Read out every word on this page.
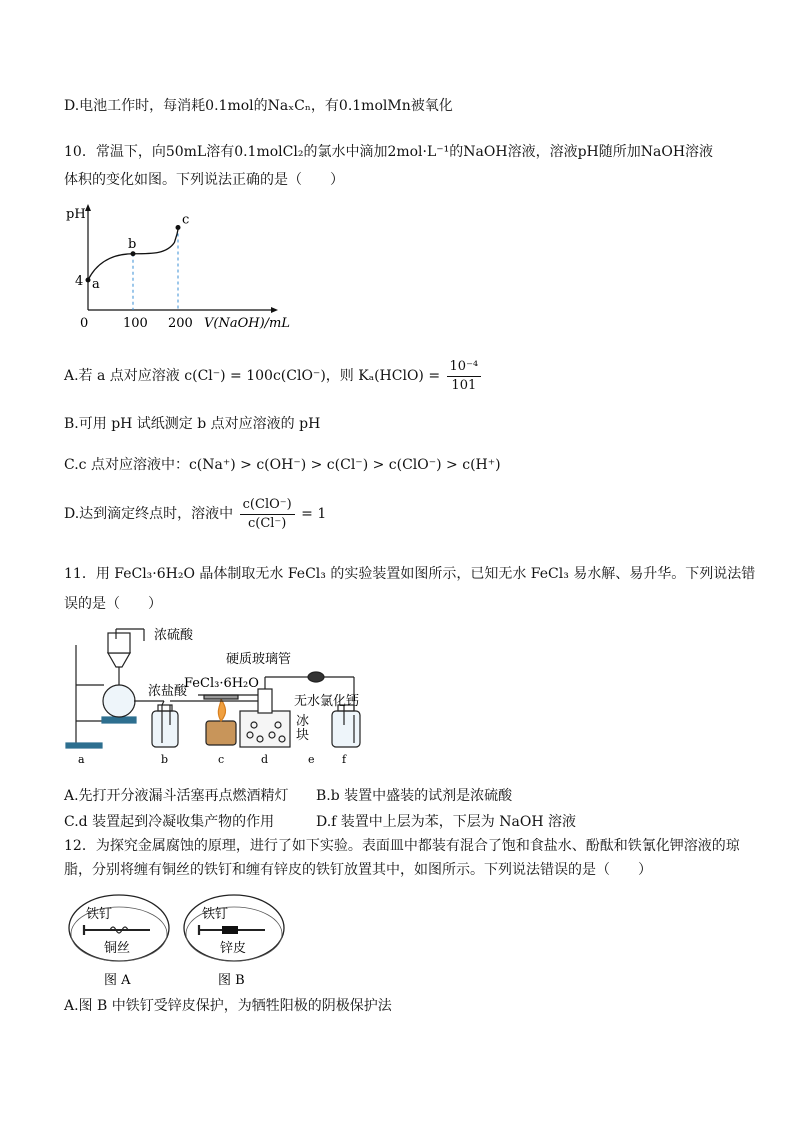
D.电池工作时，每消耗0.1mol的NaₓCₙ，有0.1molMn被氧化
10．常温下，向50mL溶有0.1molCl₂的氯水中滴加2mol·L⁻¹的NaOH溶液，溶液pH随所加NaOH溶液
体积的变化如图。下列说法正确的是（　　）
pH
V(NaOH)/mL
0	100 200
4 a
b
c
A.若 a 点对应溶液 c(Cl⁻) = 100c(ClO⁻)，则 Kₐ(HClO) = $\frac{\text{10⁻⁴}}{101}$
B.可用 pH 试纸测定 b 点对应溶液的 pH
C.c 点对应溶液中：c(Na⁺) > c(OH⁻) > c(Cl⁻) > c(ClO⁻) > c(H⁺)
D.达到滴定终点时，溶液中 $\frac{\text{c(ClO⁻)}}{c(Cl^-)} = 1$
11．用 FeCl₃·6H₂O 晶体制取无水 FeCl₃ 的实验装置如图所示，已知无水 FeCl₃ 易水解、易升华。下列说法错
误的是（　　）
浓硫酸
浓盐酸
FeCl₃·6H₂O
硬质玻璃管
无水氯化钙
冰
块
a	b	c	d	e f
A.先打开分液漏斗活塞再点燃酒精灯 B.b 装置中盛装的试剂是浓硫酸
C.d 装置起到冷凝收集产物的作用	D.f 装置中上层为苯，下层为 NaOH 溶液
12．为探究金属腐蚀的原理，进行了如下实验。表面皿中都装有混合了饱和食盐水、酚酞和铁氰化钾溶液的琼
脂，分别将缠有铜丝的铁钉和缠有锌皮的铁钉放置其中，如图所示。下列说法错误的是（　　）
铁钉
铜丝
图 A
铁钉
锌皮
图 B
A.图 B 中铁钉受锌皮保护，为牺牲阳极的阴极保护法
